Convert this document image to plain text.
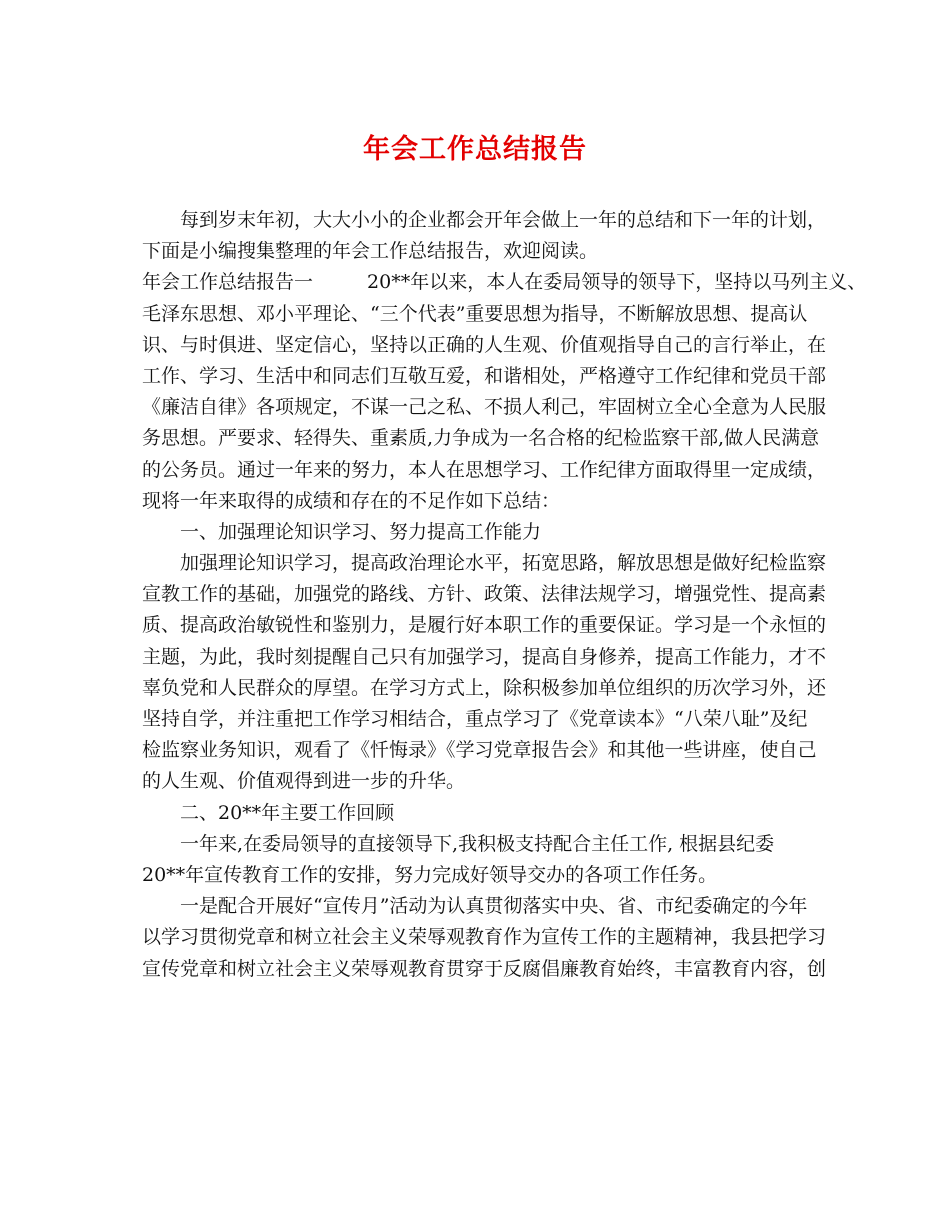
年会工作总结报告
每到岁末年初，大大小小的企业都会开年会做上一年的总结和下一年的计划，
下面是小编搜集整理的年会工作总结报告，欢迎阅读。
年会工作总结报告一	20**年以来，本人在委局领导的领导下，坚持以马列主义、
毛泽东思想、邓小平理论、“三个代表”重要思想为指导，不断解放思想、提高认
识、与时俱进、坚定信心，坚持以正确的人生观、价值观指导自己的言行举止，在
工作、学习、生活中和同志们互敬互爱，和谐相处，严格遵守工作纪律和党员干部
《廉洁自律》各项规定，不谋一己之私、不损人利己，牢固树立全心全意为人民服
务思想。严要求、轻得失、重素质,力争成为一名合格的纪检监察干部,做人民满意
的公务员。通过一年来的努力，本人在思想学习、工作纪律方面取得里一定成绩，
现将一年来取得的成绩和存在的不足作如下总结：
一、加强理论知识学习、努力提高工作能力
加强理论知识学习，提高政治理论水平，拓宽思路，解放思想是做好纪检监察
宣教工作的基础，加强党的路线、方针、政策、法律法规学习，增强党性、提高素
质、提高政治敏锐性和鉴别力，是履行好本职工作的重要保证。学习是一个永恒的
主题，为此，我时刻提醒自己只有加强学习，提高自身修养，提高工作能力，才不
辜负党和人民群众的厚望。在学习方式上，除积极参加单位组织的历次学习外，还
坚持自学，并注重把工作学习相结合，重点学习了《党章读本》“八荣八耻”及纪
检监察业务知识，观看了《忏悔录》《学习党章报告会》和其他一些讲座，使自己
的人生观、价值观得到进一步的升华。
二、20**年主要工作回顾
一年来,在委局领导的直接领导下,我积极支持配合主任工作, 根据县纪委
20**年宣传教育工作的安排，努力完成好领导交办的各项工作任务。
一是配合开展好“宣传月”活动为认真贯彻落实中央、省、市纪委确定的今年
以学习贯彻党章和树立社会主义荣辱观教育作为宣传工作的主题精神，我县把学习
宣传党章和树立社会主义荣辱观教育贯穿于反腐倡廉教育始终，丰富教育内容，创
